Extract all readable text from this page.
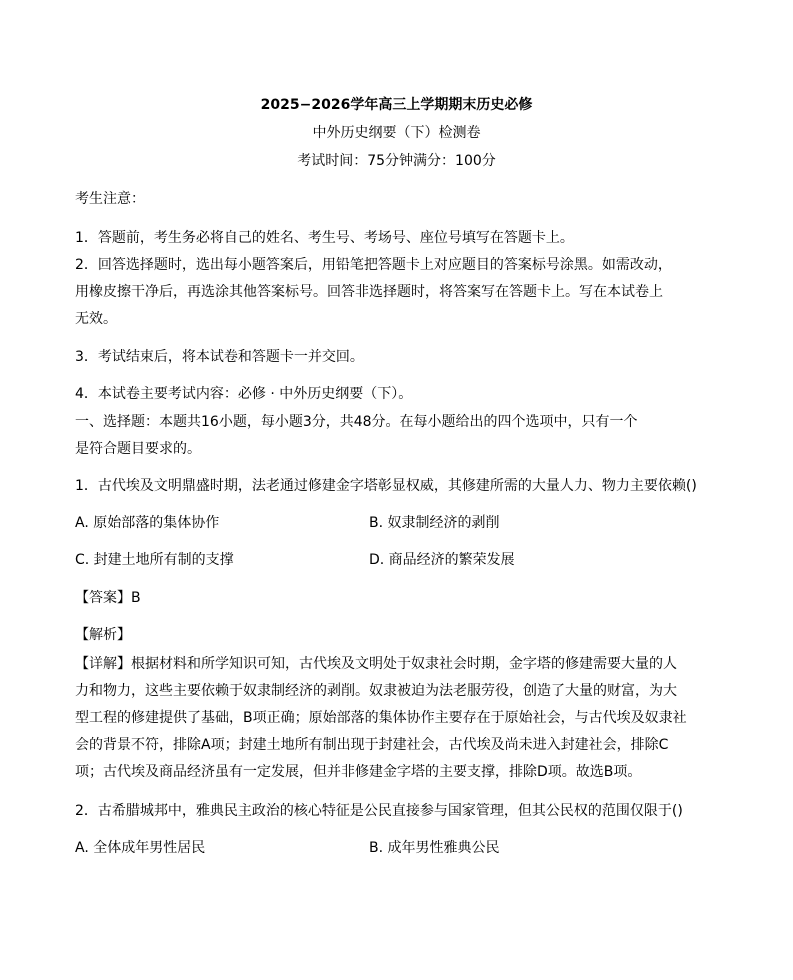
2025−2026学年高三上学期期末历史必修
中外历史纲要（下）检测卷
考试时间：75分钟满分：100分
考生注意：
1．答题前，考生务必将自己的姓名、考生号、考场号、座位号填写在答题卡上。
2．回答选择题时，选出每小题答案后，用铅笔把答题卡上对应题目的答案标号涂黑。如需改动，
用橡皮擦干净后，再选涂其他答案标号。回答非选择题时，将答案写在答题卡上。写在本试卷上
无效。
3．考试结束后，将本试卷和答题卡一并交回。
4．本试卷主要考试内容：必修 · 中外历史纲要（下）。
一、选择题：本题共16小题，每小题3分，共48分。在每小题给出的四个选项中，只有一个
是符合题目要求的。
1．古代埃及文明鼎盛时期，法老通过修建金字塔彰显权威，其修建所需的大量人力、物力主要依赖()
A. 原始部落的集体协作	B. 奴隶制经济的剥削
C. 封建土地所有制的支撑	D. 商品经济的繁荣发展
【答案】B
【解析】
【详解】根据材料和所学知识可知，古代埃及文明处于奴隶社会时期，金字塔的修建需要大量的人
力和物力，这些主要依赖于奴隶制经济的剥削。奴隶被迫为法老服劳役，创造了大量的财富，为大
型工程的修建提供了基础，B项正确；原始部落的集体协作主要存在于原始社会，与古代埃及奴隶社
会的背景不符，排除A项；封建土地所有制出现于封建社会，古代埃及尚未进入封建社会，排除C
项；古代埃及商品经济虽有一定发展，但并非修建金字塔的主要支撑，排除D项。故选B项。
2．古希腊城邦中，雅典民主政治的核心特征是公民直接参与国家管理，但其公民权的范围仅限于()
A. 全体成年男性居民	B. 成年男性雅典公民
